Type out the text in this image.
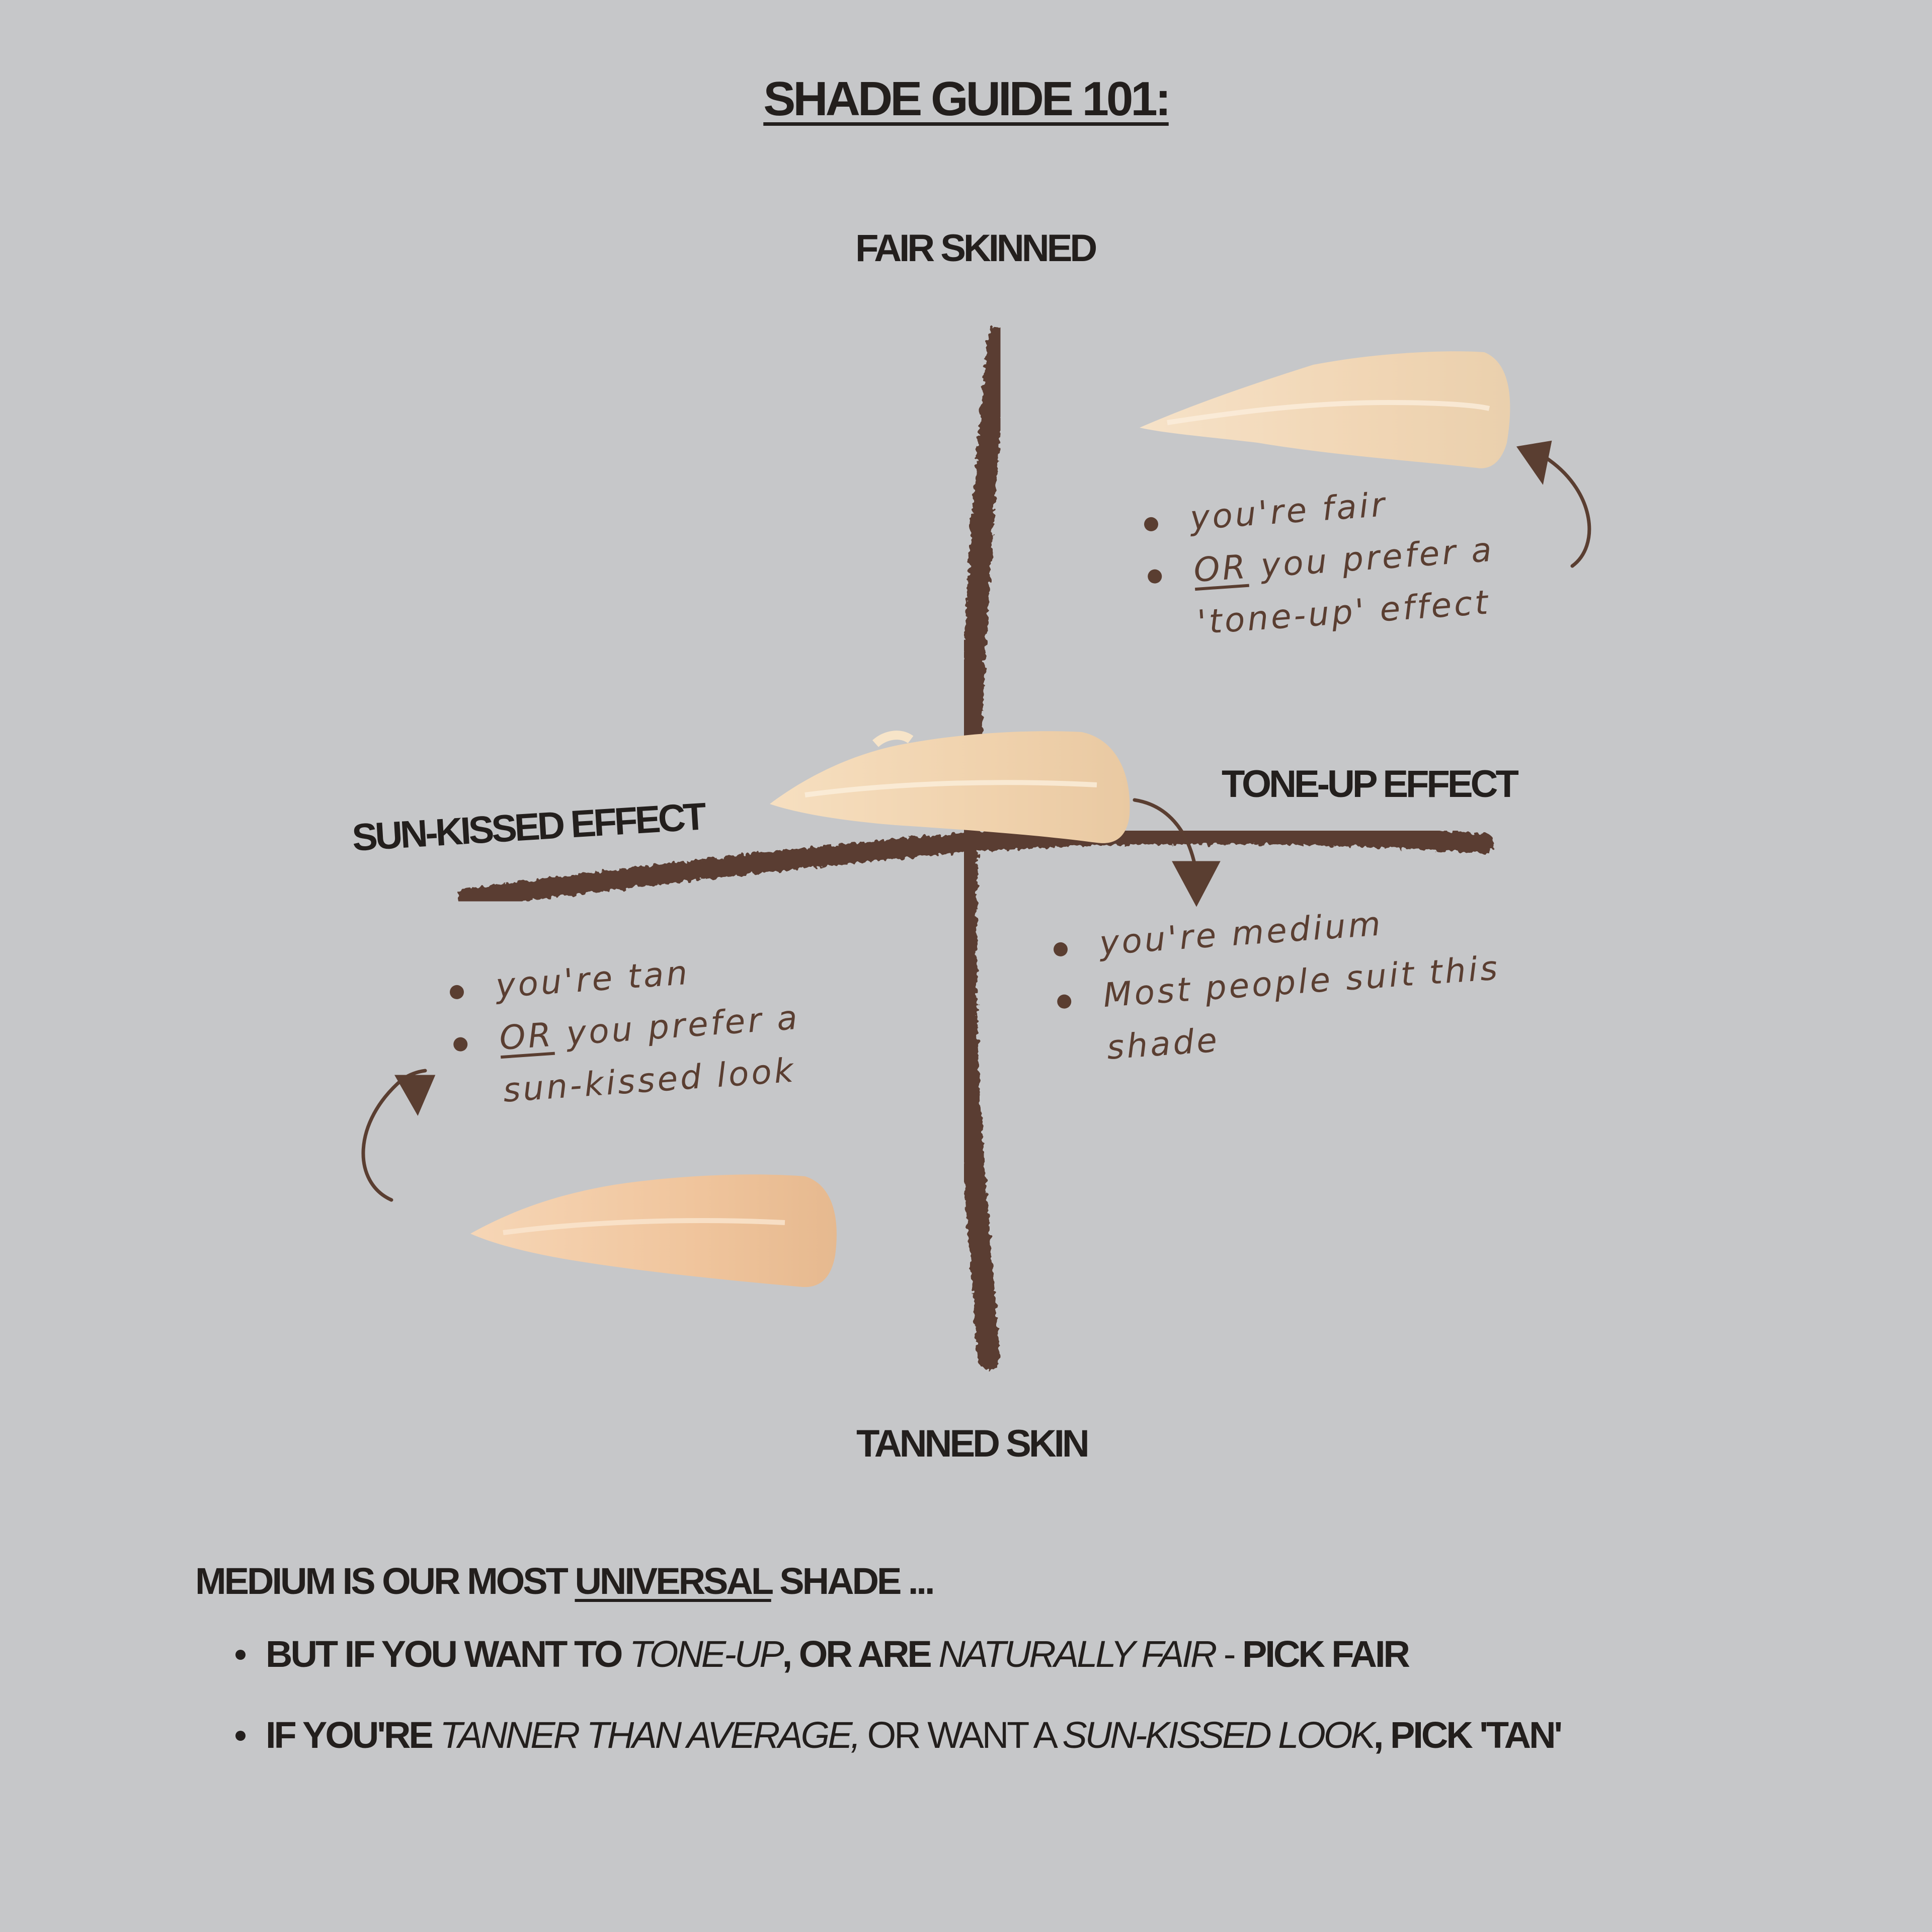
SHADE GUIDE 101:
FAIR SKINNED
TANNED SKIN
TONE-UP EFFECT
SUN-KISSED EFFECT
you're fair
OR you prefer a
'tone-up' effect
you're medium
Most people suit this
shade
you're tan
OR you prefer a
sun-kissed look
MEDIUM IS OUR MOST UNIVERSAL SHADE ...
BUT IF YOU WANT TO TONE-UP, OR ARE NATURALLY FAIR - PICK FAIR
IF YOU'RE TANNER THAN AVERAGE, OR WANT A SUN-KISSED LOOK, PICK 'TAN'
